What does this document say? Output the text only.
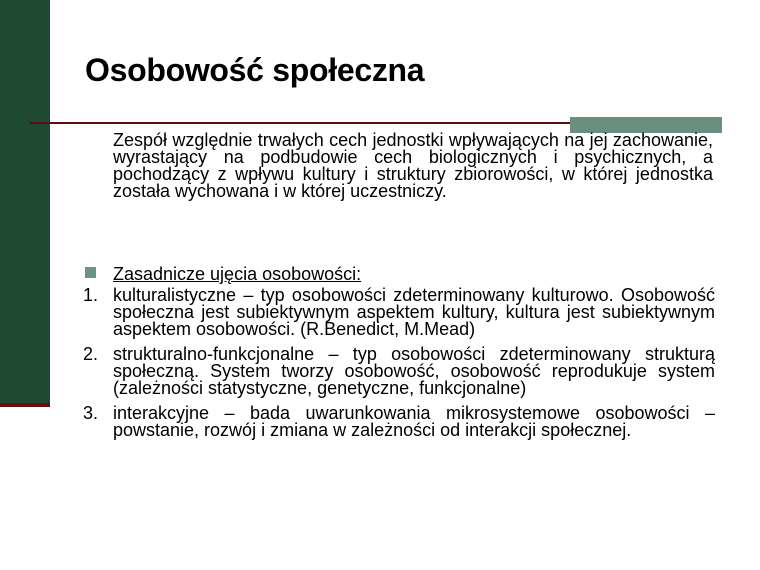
Osobowość społeczna
Zespół względnie trwałych cech jednostki wpływających na jej zachowanie, wyrastający na podbudowie cech biologicznych i psychicznych, a pochodzący z wpływu kultury i struktury zbiorowości, w której jednostka została wychowana i w której uczestniczy.
Zasadnicze ujęcia osobowości:
1. kulturalistyczne – typ osobowości zdeterminowany kulturowo. Osobowość społeczna jest subiektywnym aspektem kultury, kultura jest subiektywnym aspektem osobowości. (R.Benedict, M.Mead)
2. strukturalno-funkcjonalne – typ osobowości zdeterminowany strukturą społeczną. System tworzy osobowość, osobowość reprodukuje system (zależności statystyczne, genetyczne, funkcjonalne)
3. interakcyjne – bada uwarunkowania mikrosystemowe osobowości – powstanie, rozwój i zmiana w zależności od interakcji społecznej.
